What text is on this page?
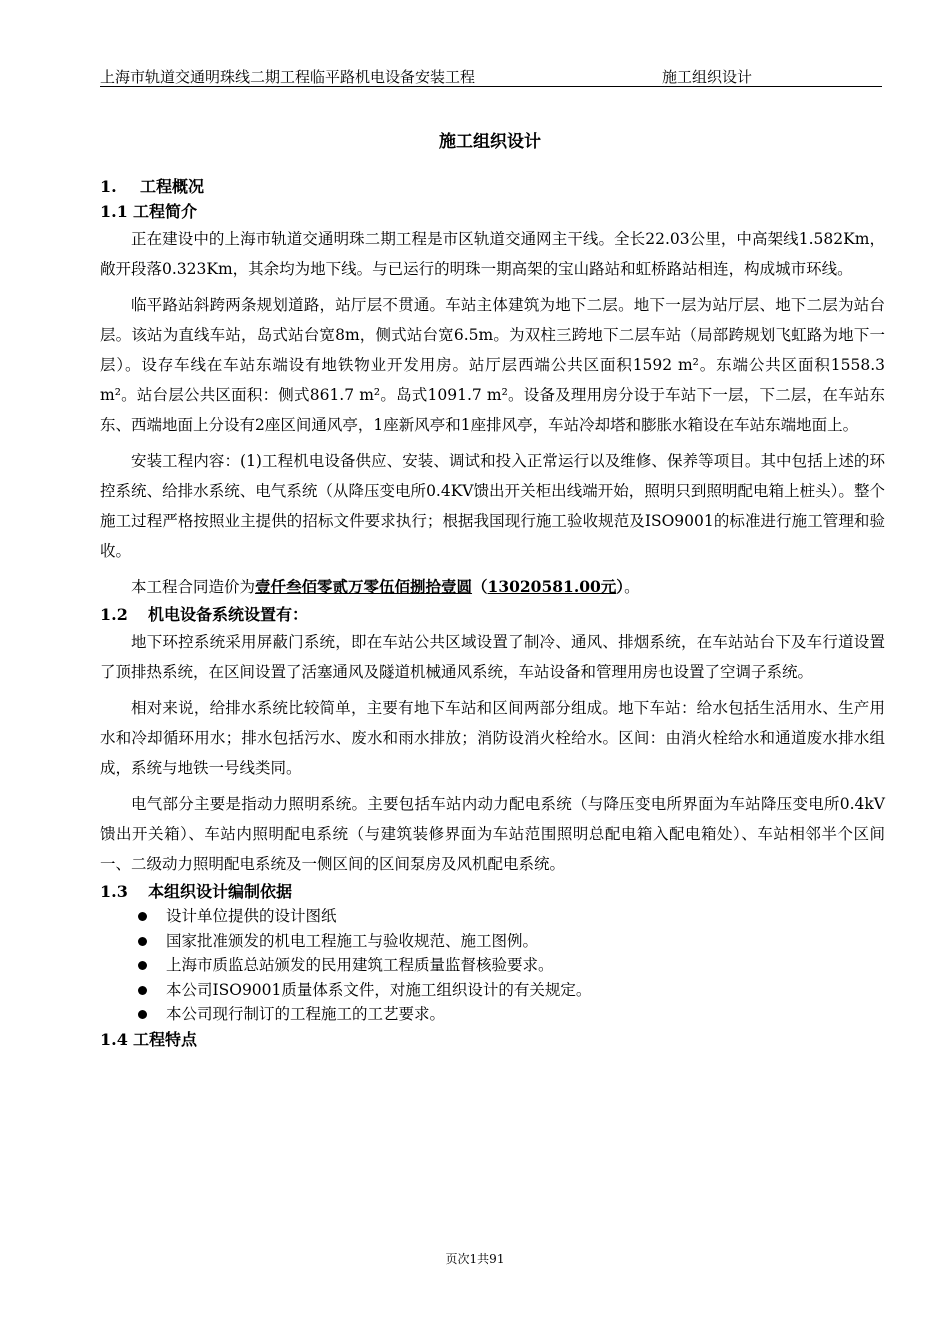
上海市轨道交通明珠线二期工程临平路机电设备安装工程	施工组织设计
施工组织设计
1. 工程概况
1.1 工程简介

正在建设中的上海市轨道交通明珠二期工程是市区轨道交通网主干线。全长22.03公里，中高架线1.582Km，敞开段落0.323Km，其余均为地下线。与已运行的明珠一期高架的宝山路站和虹桥路站相连，构成城市环线。

临平路站斜跨两条规划道路，站厅层不贯通。车站主体建筑为地下二层。地下一层为站厅层、地下二层为站台层。该站为直线车站，岛式站台宽8m，侧式站台宽6.5m。为双柱三跨地下二层车站（局部跨规划飞虹路为地下一层）。设存车线在车站东端设有地铁物业开发用房。站厅层西端公共区面积1592 m²。东端公共区面积1558.3 m²。站台层公共区面积：侧式861.7 m²。岛式1091.7 m²。设备及理用房分设于车站下一层，下二层，在车站东东、西端地面上分设有2座区间通风亭，1座新风亭和1座排风亭，车站冷却塔和膨胀水箱设在车站东端地面上。

安装工程内容：(1)工程机电设备供应、安装、调试和投入正常运行以及维修、保养等项目。其中包括上述的环控系统、给排水系统、电气系统（从降压变电所0.4KV馈出开关柜出线端开始，照明只到照明配电箱上桩头）。整个施工过程严格按照业主提供的招标文件要求执行；根据我国现行施工验收规范及ISO9001的标准进行施工管理和验收。

本工程合同造价为壹仟叁佰零贰万零伍佰捌拾壹圆（13020581.00元）。

1.2 机电设备系统设置有：

地下环控系统采用屏蔽门系统，即在车站公共区域设置了制冷、通风、排烟系统，在车站站台下及车行道设置了顶排热系统，在区间设置了活塞通风及隧道机械通风系统，车站设备和管理用房也设置了空调子系统。

相对来说，给排水系统比较简单，主要有地下车站和区间两部分组成。地下车站：给水包括生活用水、生产用水和冷却循环用水；排水包括污水、废水和雨水排放；消防设消火栓给水。区间：由消火栓给水和通道废水排水组成，系统与地铁一号线类同。

电气部分主要是指动力照明系统。主要包括车站内动力配电系统（与降压变电所界面为车站降压变电所0.4kV馈出开关箱）、车站内照明配电系统（与建筑装修界面为车站范围照明总配电箱入配电箱处）、车站相邻半个区间一、二级动力照明配电系统及一侧区间的区间泵房及风机配电系统。

1.3 本组织设计编制依据
设计单位提供的设计图纸
国家批准颁发的机电工程施工与验收规范、施工图例。
上海市质监总站颁发的民用建筑工程质量监督核验要求。
本公司ISO9001质量体系文件，对施工组织设计的有关规定。
本公司现行制订的工程施工的工艺要求。
1.4 工程特点
页次1共91
